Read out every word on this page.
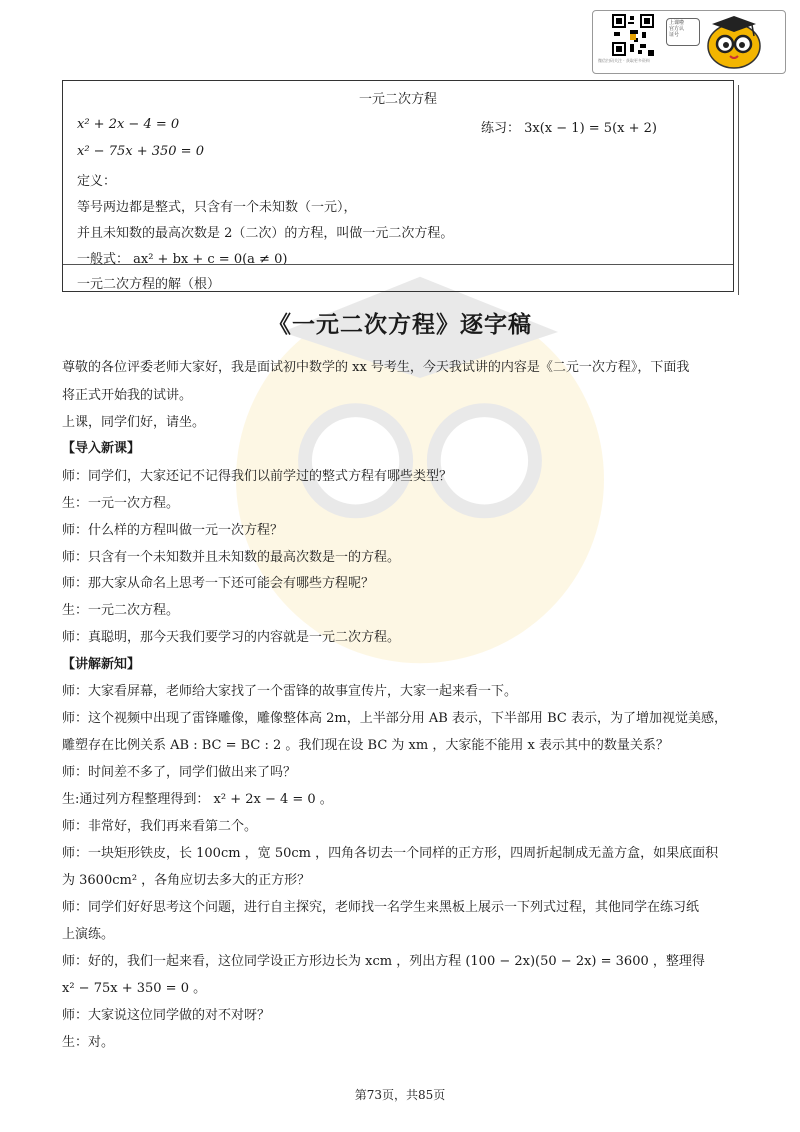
微信扫码关注 · 获取更多资料
上课啦
官方认
证号
一元二次方程
x² + 2x − 4 = 0	练习： 3x(x − 1) = 5(x + 2)
x² − 75x + 350 = 0
定义：
等号两边都是整式，只含有一个未知数（一元），
并且未知数的最高次数是 2（二次）的方程，叫做一元二次方程。
一般式： ax² + bx + c = 0(a ≠ 0)
一元二次方程的解（根）
《一元二次方程》逐字稿
尊敬的各位评委老师大家好，我是面试初中数学的 xx 号考生，今天我试讲的内容是《二元一次方程》，下面我
将正式开始我的试讲。
上课，同学们好，请坐。
【导入新课】
师：同学们，大家还记不记得我们以前学过的整式方程有哪些类型？
生：一元一次方程。
师：什么样的方程叫做一元一次方程？
师：只含有一个未知数并且未知数的最高次数是一的方程。
师：那大家从命名上思考一下还可能会有哪些方程呢？
生：一元二次方程。
师：真聪明，那今天我们要学习的内容就是一元二次方程。
【讲解新知】
师：大家看屏幕，老师给大家找了一个雷锋的故事宣传片，大家一起来看一下。
师：这个视频中出现了雷锋雕像，雕像整体高 2m，上半部分用 AB 表示，下半部用 BC 表示，为了增加视觉美感，
雕塑存在比例关系 AB : BC = BC : 2 。我们现在设 BC 为 xm ，大家能不能用 x 表示其中的数量关系？
师：时间差不多了，同学们做出来了吗？
生:通过列方程整理得到： x² + 2x − 4 = 0 。
师：非常好，我们再来看第二个。
师：一块矩形铁皮，长 100cm ，宽 50cm ，四角各切去一个同样的正方形，四周折起制成无盖方盒，如果底面积
为 3600cm² ，各角应切去多大的正方形？
师：同学们好好思考这个问题，进行自主探究，老师找一名学生来黑板上展示一下列式过程，其他同学在练习纸
上演练。
师：好的，我们一起来看，这位同学设正方形边长为 xcm ，列出方程 (100 − 2x)(50 − 2x) = 3600 ，整理得
x² − 75x + 350 = 0 。
师：大家说这位同学做的对不对呀？
生：对。
第73页，共85页
